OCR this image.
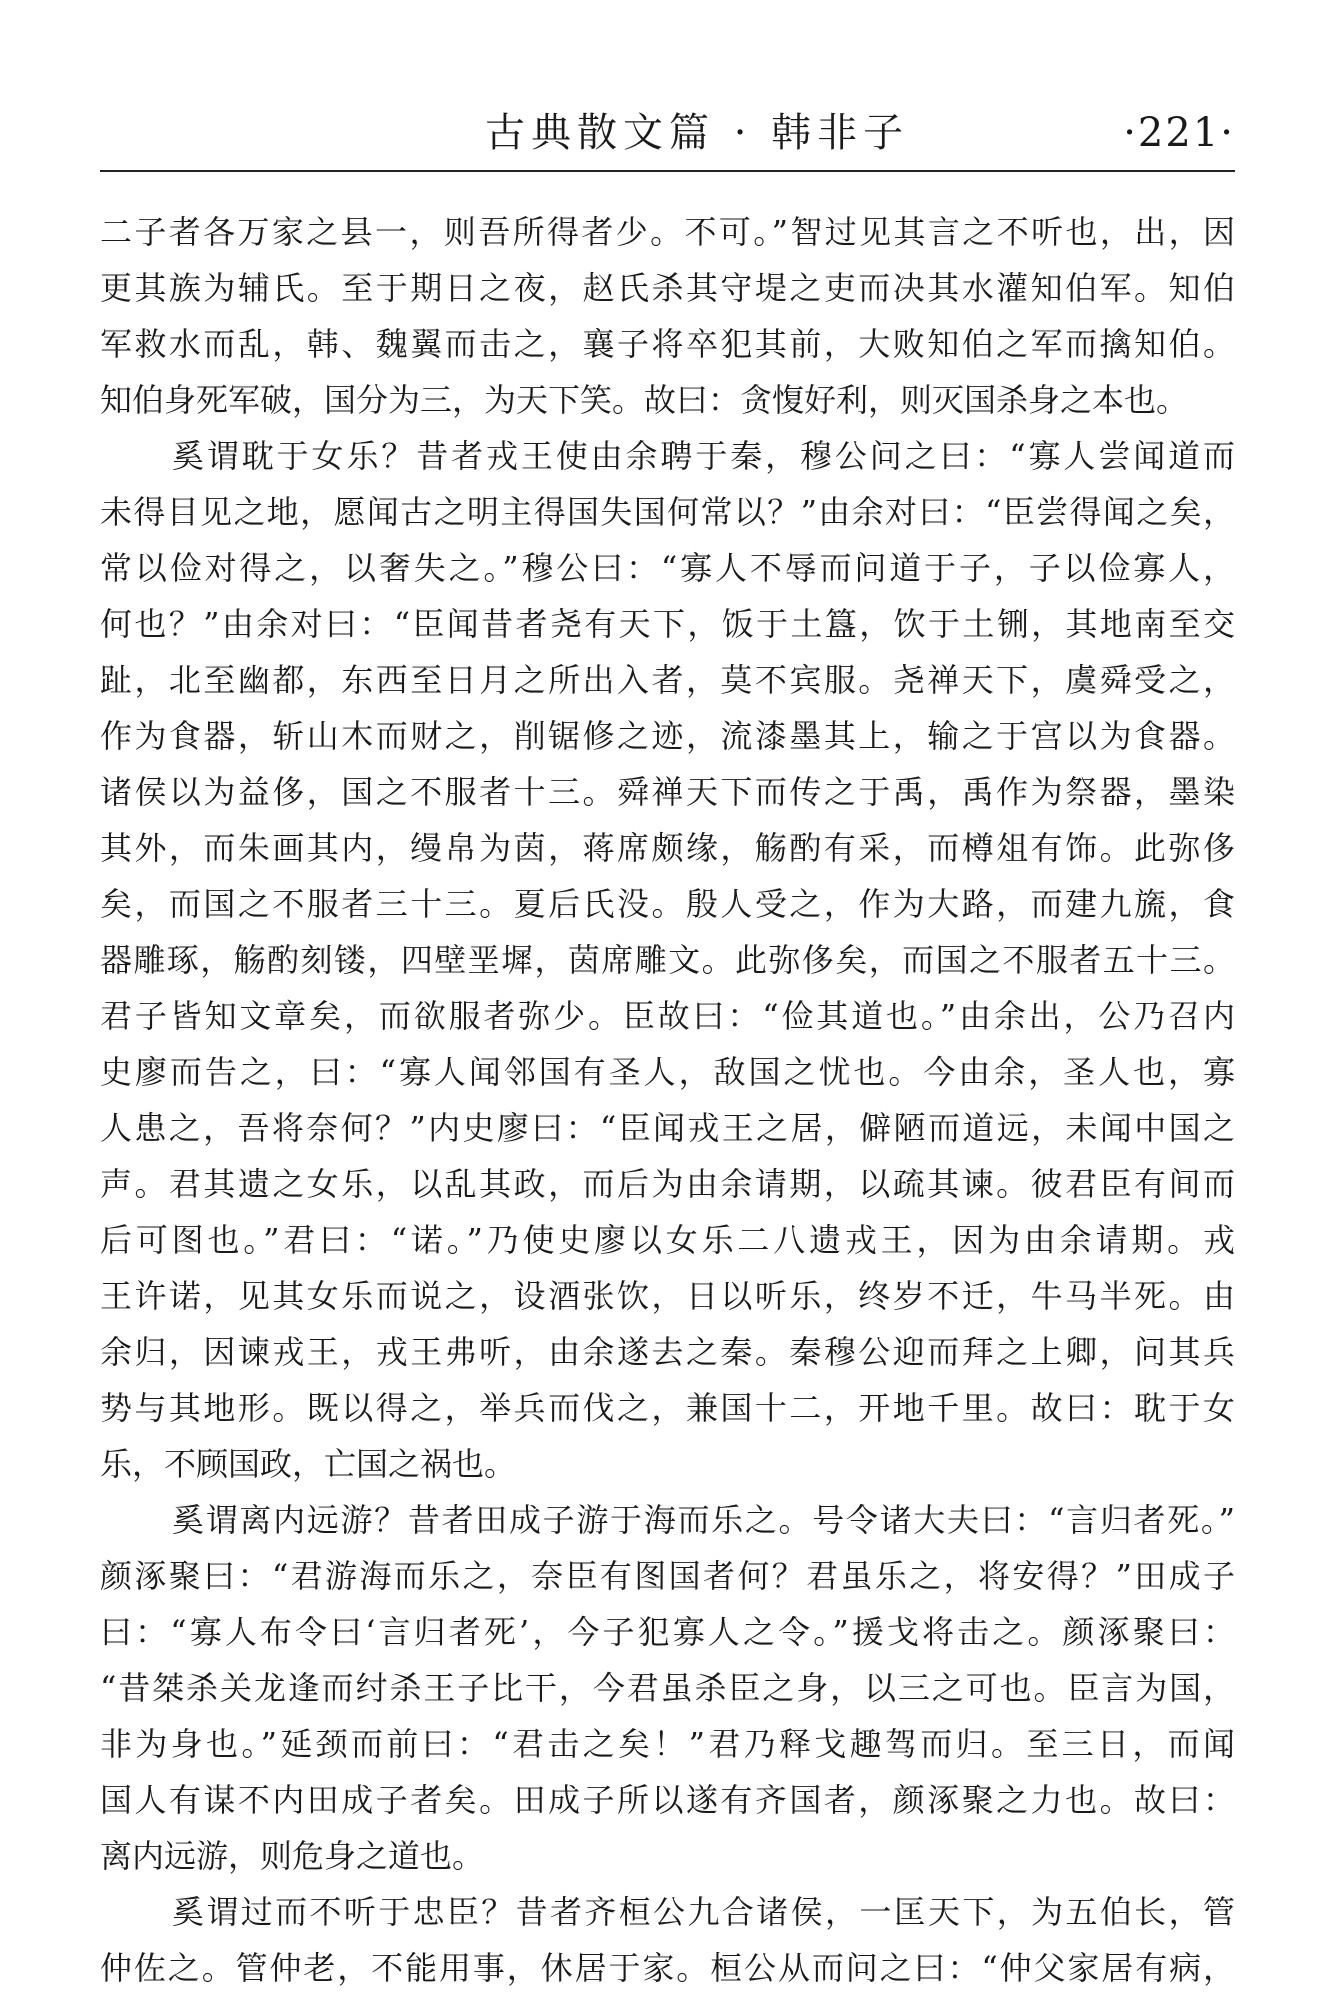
古典散文篇 · 韩非子	·221·
二子者各万家之县一，则吾所得者少。不可。”智过见其言之不听也，出，因
更其族为辅氏。至于期日之夜，赵氏杀其守堤之吏而决其水灌知伯军。知伯
军救水而乱，韩、魏翼而击之，襄子将卒犯其前，大败知伯之军而擒知伯。
知伯身死军破，国分为三，为天下笑。故曰：贪愎好利，则灭国杀身之本也。
奚谓耽于女乐？昔者戎王使由余聘于秦，穆公问之曰：“寡人尝闻道而
未得目见之地，愿闻古之明主得国失国何常以？”由余对曰：“臣尝得闻之矣，
常以俭对得之，以奢失之。”穆公曰：“寡人不辱而问道于子，子以俭寡人，
何也？”由余对曰：“臣闻昔者尧有天下，饭于土簋，饮于土铏，其地南至交
趾，北至幽都，东西至日月之所出入者，莫不宾服。尧禅天下，虞舜受之，
作为食器，斩山木而财之，削锯修之迹，流漆墨其上，输之于宫以为食器。
诸侯以为益侈，国之不服者十三。舜禅天下而传之于禹，禹作为祭器，墨染
其外，而朱画其内，缦帛为茵，蒋席颇缘，觞酌有采，而樽俎有饰。此弥侈
矣，而国之不服者三十三。夏后氏没。殷人受之，作为大路，而建九旒，食
器雕琢，觞酌刻镂，四壁垩墀，茵席雕文。此弥侈矣，而国之不服者五十三。
君子皆知文章矣，而欲服者弥少。臣故曰：“俭其道也。”由余出，公乃召内
史廖而告之，曰：“寡人闻邻国有圣人，敌国之忧也。今由余，圣人也，寡
人患之，吾将奈何？”内史廖曰：“臣闻戎王之居，僻陋而道远，未闻中国之
声。君其遗之女乐，以乱其政，而后为由余请期，以疏其谏。彼君臣有间而
后可图也。”君曰：“诺。”乃使史廖以女乐二八遗戎王，因为由余请期。戎
王许诺，见其女乐而说之，设酒张饮，日以听乐，终岁不迁，牛马半死。由
余归，因谏戎王，戎王弗听，由余遂去之秦。秦穆公迎而拜之上卿，问其兵
势与其地形。既以得之，举兵而伐之，兼国十二，开地千里。故曰：耽于女
乐，不顾国政，亡国之祸也。
奚谓离内远游？昔者田成子游于海而乐之。号令诸大夫曰：“言归者死。”
颜涿聚曰：“君游海而乐之，奈臣有图国者何？君虽乐之，将安得？”田成子
曰：“寡人布令曰‘言归者死’，今子犯寡人之令。”援戈将击之。颜涿聚曰：
“昔桀杀关龙逢而纣杀王子比干，今君虽杀臣之身，以三之可也。臣言为国，
非为身也。”延颈而前曰：“君击之矣！”君乃释戈趣驾而归。至三日，而闻
国人有谋不内田成子者矣。田成子所以遂有齐国者，颜涿聚之力也。故曰：
离内远游，则危身之道也。
奚谓过而不听于忠臣？昔者齐桓公九合诸侯，一匡天下，为五伯长，管
仲佐之。管仲老，不能用事，休居于家。桓公从而问之曰：“仲父家居有病，
